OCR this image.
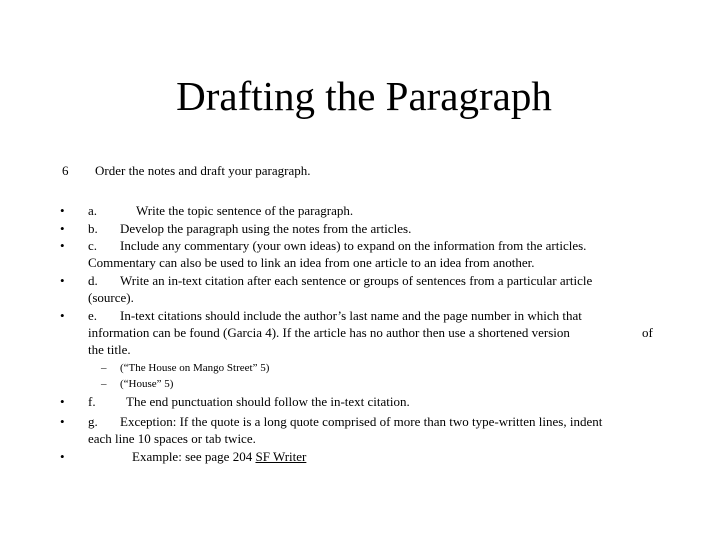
Drafting the Paragraph
6 Order the notes and draft your paragraph.
• a.	Write the topic sentence of the paragraph.
• b. Develop the paragraph using the notes from the articles.
• c. Include any commentary (your own ideas) to expand on the information from the articles.
Commentary can also be used to link an idea from one article to an idea from another.
• d. Write an in-text citation after each sentence or groups of sentences from a particular article
(source).
• e. In-text citations should include the author’s last name and the page number in which that
information can be found (Garcia 4). If the article has no author then use a shortened version	of
the title.
– (“The House on Mango Street” 5)
– (“House” 5)
• f. The end punctuation should follow the in-text citation.
• g. Exception: If the quote is a long quote comprised of more than two type-written lines, indent
each line 10 spaces or tab twice.
•	Example: see page 204 SF Writer
